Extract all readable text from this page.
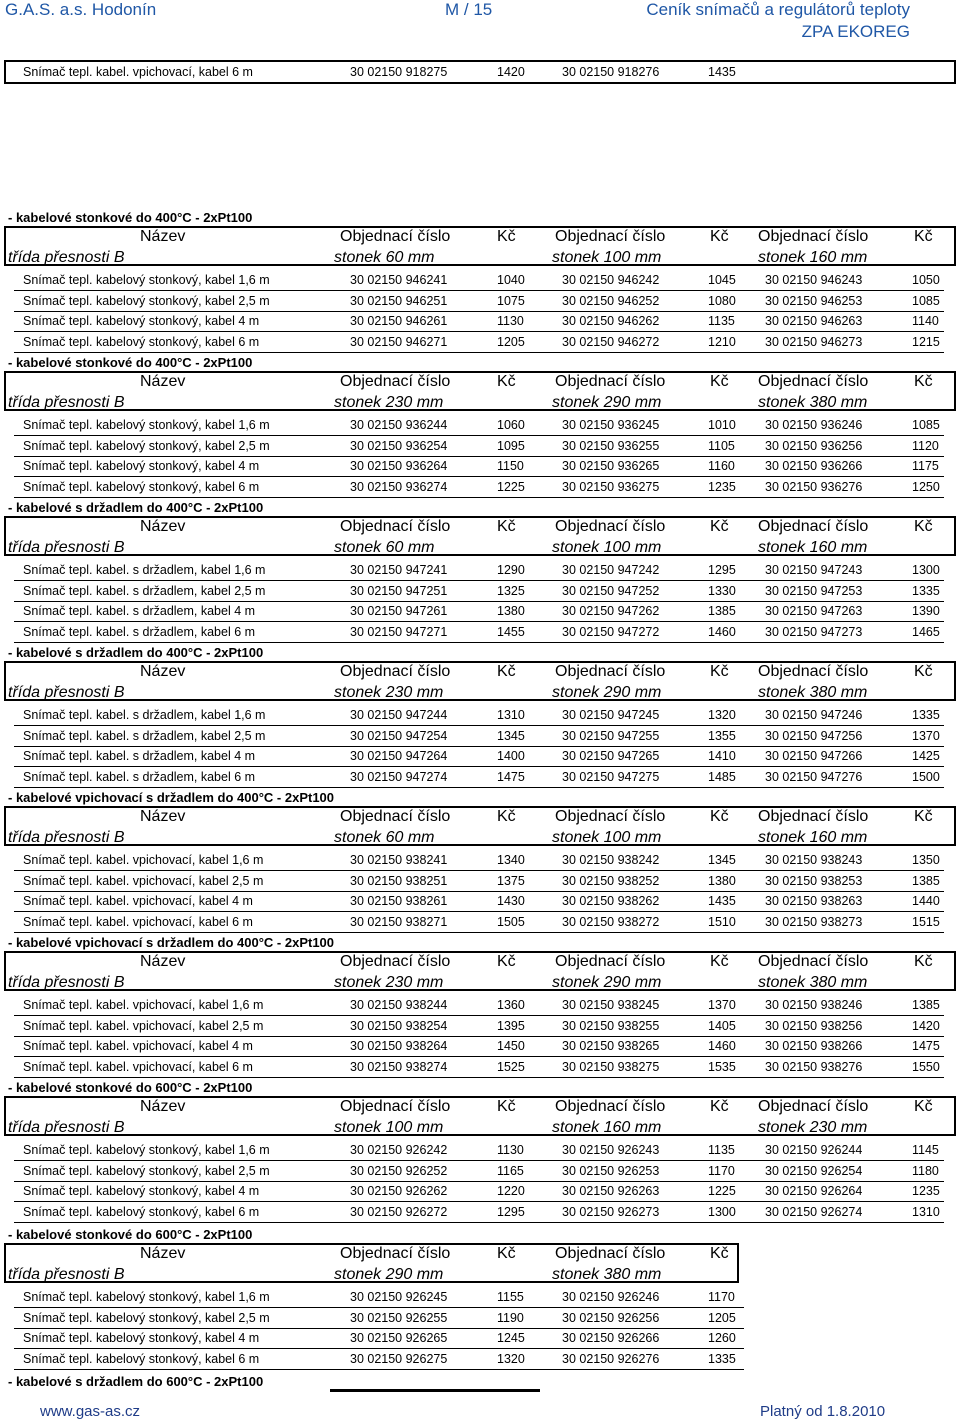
G.A.S. a.s. Hodonín	M / 15	Ceník snímačů a regulátorů teploty
ZPA EKOREG
Snímač tepl. kabel. vpichovací, kabel 6 m	30 02150 918275	1420	30 02150 918276	1435
- kabelové stonkové do 400°C - 2xPt100
Název	Objednací číslo	Kč Objednací číslo	Kč Objednací číslo	Kč
třída přesnosti B	stonek 60 mm	stonek 100 mm	stonek 160 mm
Snímač tepl. kabelový stonkový, kabel 1,6 m	30 02150 946241	1040	30 02150 946242	1045 30 02150 946243	1050
Snímač tepl. kabelový stonkový, kabel 2,5 m	30 02150 946251	1075	30 02150 946252	1080 30 02150 946253	1085
Snímač tepl. kabelový stonkový, kabel 4 m	30 02150 946261	1130	30 02150 946262	1135 30 02150 946263	1140
Snímač tepl. kabelový stonkový, kabel 6 m	30 02150 946271	1205	30 02150 946272	1210 30 02150 946273	1215
- kabelové stonkové do 400°C - 2xPt100
Název	Objednací číslo	Kč Objednací číslo	Kč Objednací číslo	Kč
třída přesnosti B	stonek 230 mm	stonek 290 mm	stonek 380 mm
Snímač tepl. kabelový stonkový, kabel 1,6 m	30 02150 936244	1060	30 02150 936245	1010 30 02150 936246	1085
Snímač tepl. kabelový stonkový, kabel 2,5 m	30 02150 936254	1095	30 02150 936255	1105 30 02150 936256	1120
Snímač tepl. kabelový stonkový, kabel 4 m	30 02150 936264	1150	30 02150 936265	1160 30 02150 936266	1175
Snímač tepl. kabelový stonkový, kabel 6 m	30 02150 936274	1225	30 02150 936275	1235 30 02150 936276	1250
- kabelové s držadlem do 400°C - 2xPt100
Název	Objednací číslo	Kč Objednací číslo	Kč Objednací číslo	Kč
třída přesnosti B	stonek 60 mm	stonek 100 mm	stonek 160 mm
Snímač tepl. kabel. s držadlem, kabel 1,6 m	30 02150 947241	1290	30 02150 947242	1295 30 02150 947243	1300
Snímač tepl. kabel. s držadlem, kabel 2,5 m	30 02150 947251	1325	30 02150 947252	1330 30 02150 947253	1335
Snímač tepl. kabel. s držadlem, kabel 4 m	30 02150 947261	1380	30 02150 947262	1385 30 02150 947263	1390
Snímač tepl. kabel. s držadlem, kabel 6 m	30 02150 947271	1455	30 02150 947272	1460 30 02150 947273	1465
- kabelové s držadlem do 400°C - 2xPt100
Název	Objednací číslo	Kč Objednací číslo	Kč Objednací číslo	Kč
třída přesnosti B	stonek 230 mm	stonek 290 mm	stonek 380 mm
Snímač tepl. kabel. s držadlem, kabel 1,6 m	30 02150 947244	1310	30 02150 947245	1320 30 02150 947246	1335
Snímač tepl. kabel. s držadlem, kabel 2,5 m	30 02150 947254	1345	30 02150 947255	1355 30 02150 947256	1370
Snímač tepl. kabel. s držadlem, kabel 4 m	30 02150 947264	1400	30 02150 947265	1410 30 02150 947266	1425
Snímač tepl. kabel. s držadlem, kabel 6 m	30 02150 947274	1475	30 02150 947275	1485 30 02150 947276	1500
- kabelové vpichovací s držadlem do 400°C - 2xPt100
Název	Objednací číslo	Kč Objednací číslo	Kč Objednací číslo	Kč
třída přesnosti B	stonek 60 mm	stonek 100 mm	stonek 160 mm
Snímač tepl. kabel. vpichovací, kabel 1,6 m	30 02150 938241	1340	30 02150 938242	1345 30 02150 938243	1350
Snímač tepl. kabel. vpichovací, kabel 2,5 m	30 02150 938251	1375	30 02150 938252	1380 30 02150 938253	1385
Snímač tepl. kabel. vpichovací, kabel 4 m	30 02150 938261	1430	30 02150 938262	1435 30 02150 938263	1440
Snímač tepl. kabel. vpichovací, kabel 6 m	30 02150 938271	1505	30 02150 938272	1510 30 02150 938273	1515
- kabelové vpichovací s držadlem do 400°C - 2xPt100
Název	Objednací číslo	Kč Objednací číslo	Kč Objednací číslo	Kč
třída přesnosti B	stonek 230 mm	stonek 290 mm	stonek 380 mm
Snímač tepl. kabel. vpichovací, kabel 1,6 m	30 02150 938244	1360	30 02150 938245	1370 30 02150 938246	1385
Snímač tepl. kabel. vpichovací, kabel 2,5 m	30 02150 938254	1395	30 02150 938255	1405 30 02150 938256	1420
Snímač tepl. kabel. vpichovací, kabel 4 m	30 02150 938264	1450	30 02150 938265	1460 30 02150 938266	1475
Snímač tepl. kabel. vpichovací, kabel 6 m	30 02150 938274	1525	30 02150 938275	1535 30 02150 938276	1550
- kabelové stonkové do 600°C - 2xPt100
Název	Objednací číslo	Kč Objednací číslo	Kč Objednací číslo	Kč
třída přesnosti B	stonek 100 mm	stonek 160 mm	stonek 230 mm
Snímač tepl. kabelový stonkový, kabel 1,6 m	30 02150 926242	1130	30 02150 926243	1135 30 02150 926244	1145
Snímač tepl. kabelový stonkový, kabel 2,5 m	30 02150 926252	1165	30 02150 926253	1170 30 02150 926254	1180
Snímač tepl. kabelový stonkový, kabel 4 m	30 02150 926262	1220	30 02150 926263	1225 30 02150 926264	1235
Snímač tepl. kabelový stonkový, kabel 6 m	30 02150 926272	1295	30 02150 926273	1300 30 02150 926274	1310
- kabelové stonkové do 600°C - 2xPt100
Název	Objednací číslo	Kč Objednací číslo	Kč
třída přesnosti B	stonek 290 mm	stonek 380 mm
Snímač tepl. kabelový stonkový, kabel 1,6 m	30 02150 926245	1155	30 02150 926246	1170
Snímač tepl. kabelový stonkový, kabel 2,5 m	30 02150 926255	1190	30 02150 926256	1205
Snímač tepl. kabelový stonkový, kabel 4 m	30 02150 926265	1245	30 02150 926266	1260
Snímač tepl. kabelový stonkový, kabel 6 m	30 02150 926275	1320	30 02150 926276	1335
- kabelové s držadlem do 600°C - 2xPt100
www.gas-as.cz	Platný od 1.8.2010
